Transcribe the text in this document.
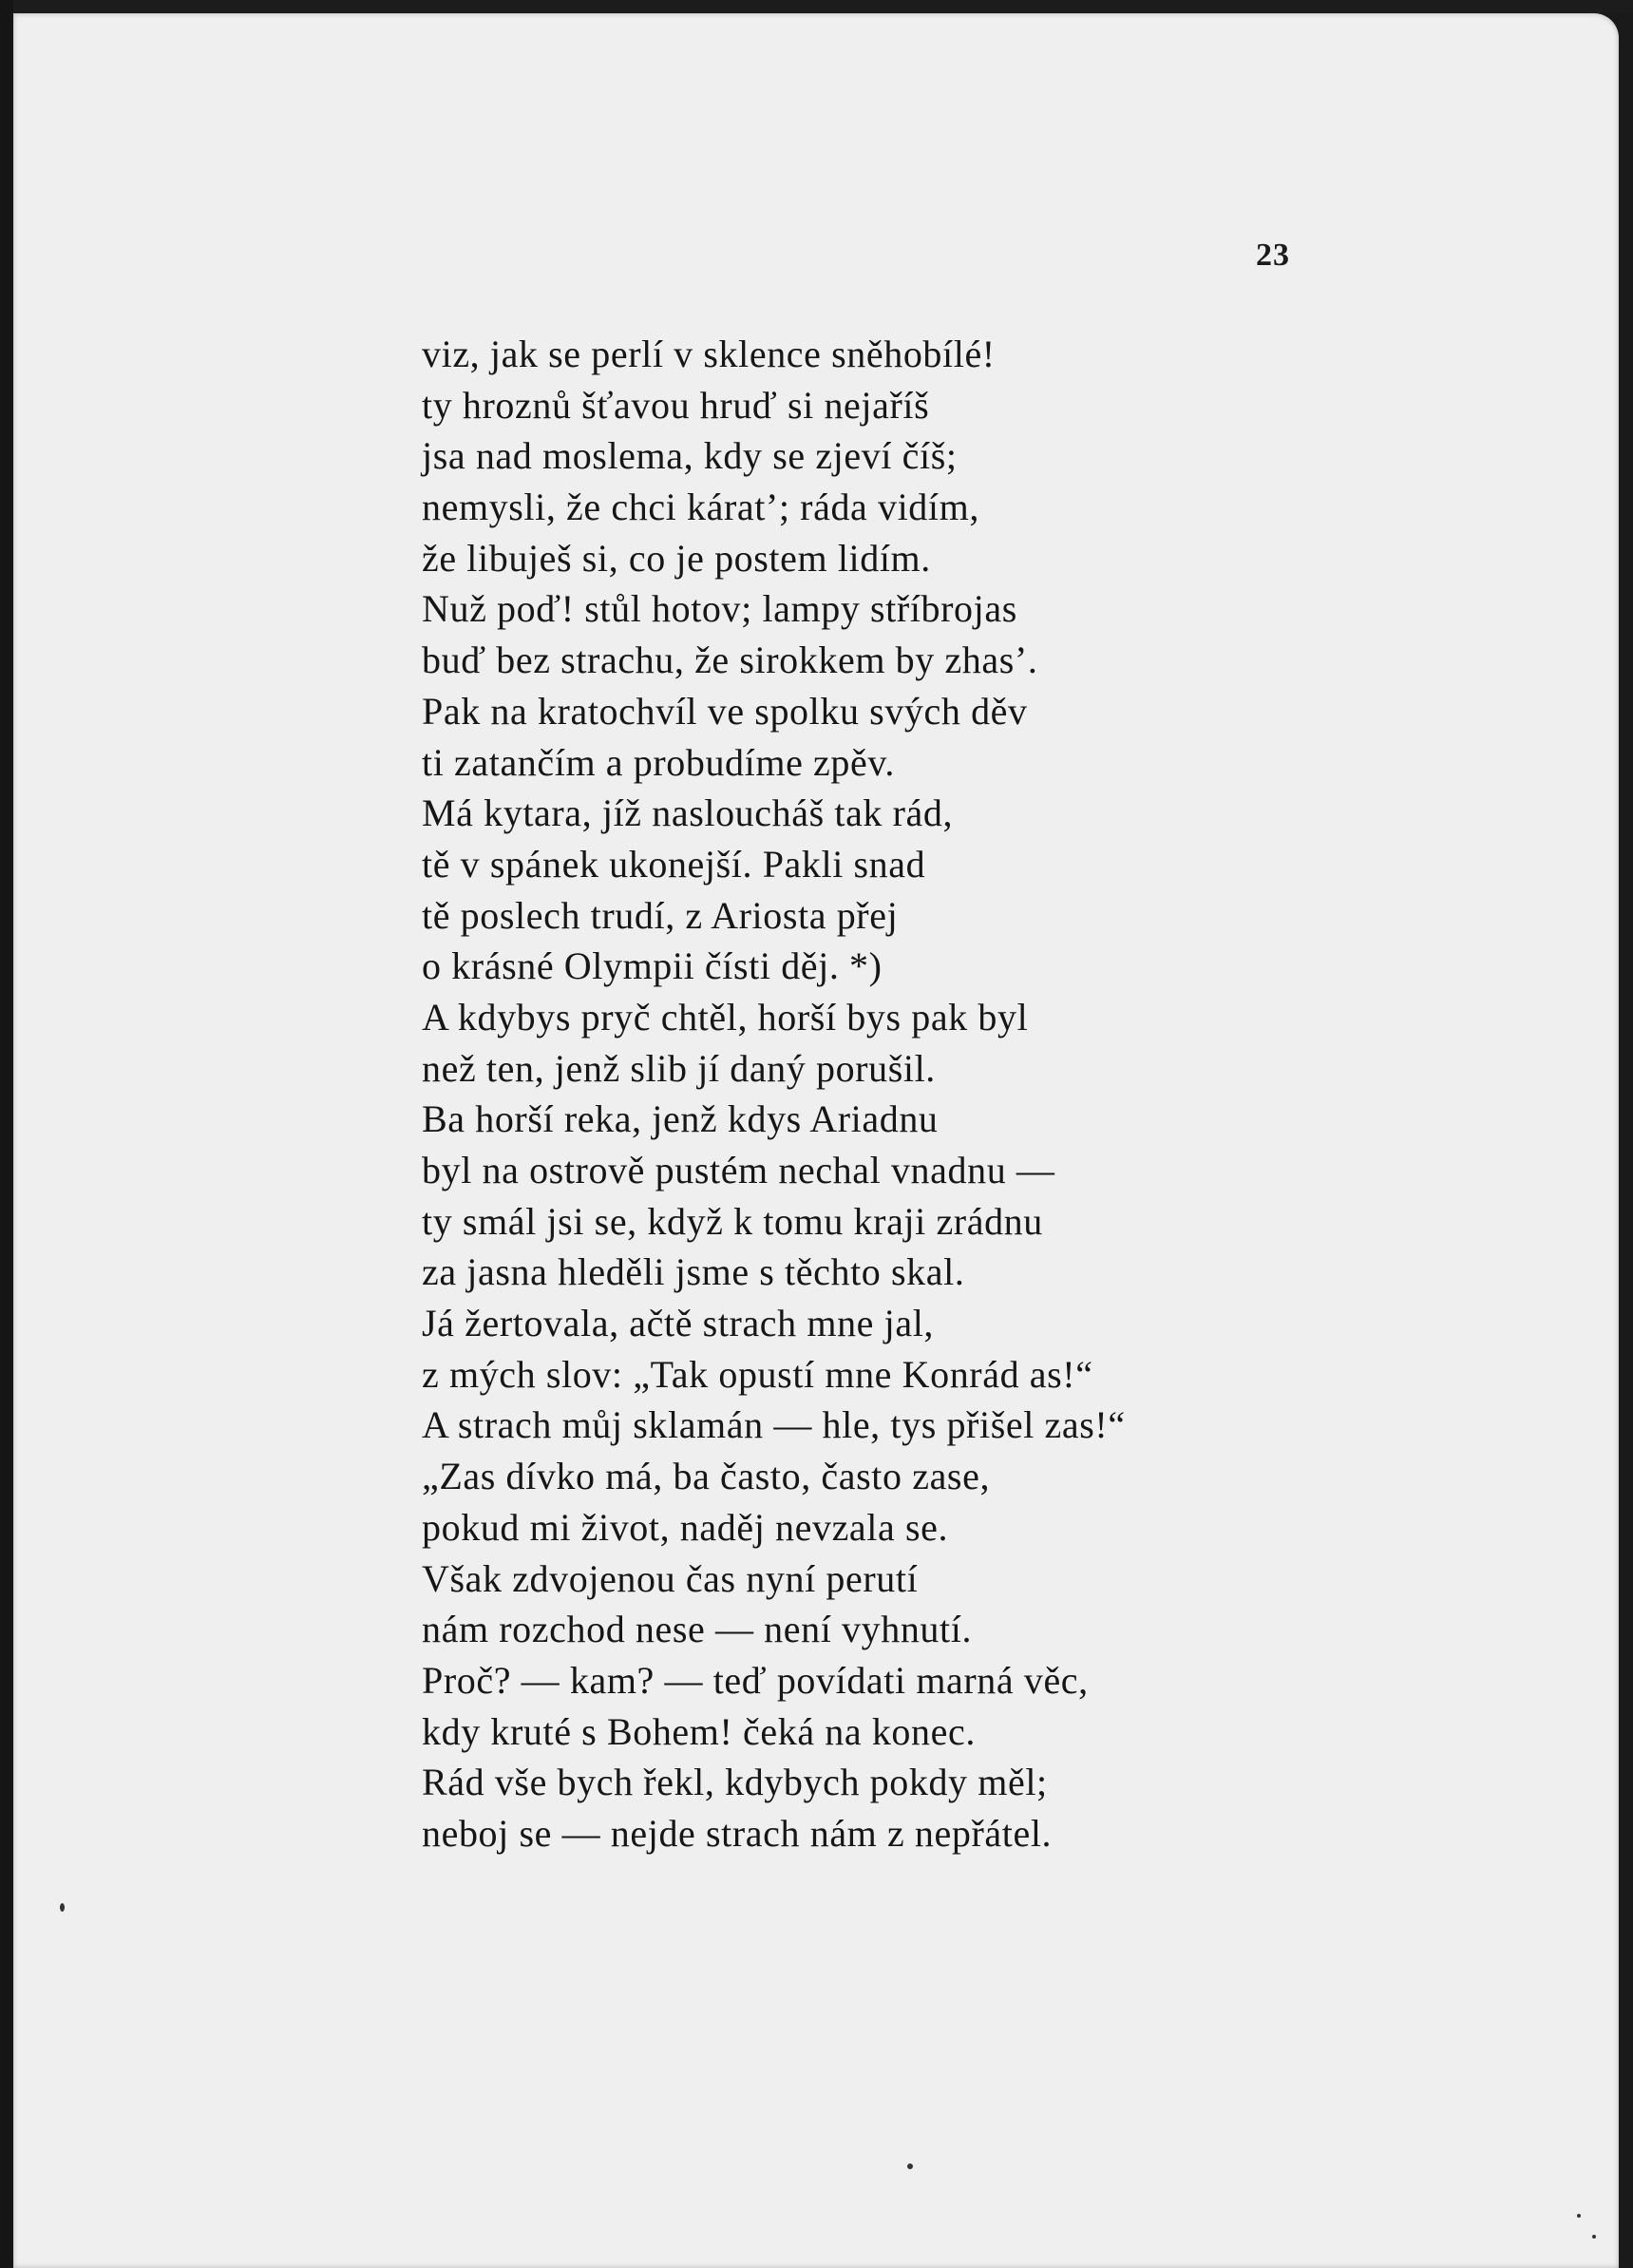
23
viz, jak se perlí v sklence sněhobílé!
ty hroznů šťavou hruď si nejaříš
jsa nad moslema, kdy se zjeví číš;
nemysli, že chci kárat’; ráda vidím,
že libuješ si, co je postem lidím.
Nuž poď! stůl hotov; lampy stříbrojas
buď bez strachu, že sirokkem by zhas’.
Pak na kratochvíl ve spolku svých děv
ti zatančím a probudíme zpěv.
Má kytara, jíž nasloucháš tak rád,
tě v spánek ukonejší. Pakli snad
tě poslech trudí, z Ariosta přej
o krásné Olympii čísti děj. *)
A kdybys pryč chtěl, horší bys pak byl
než ten, jenž slib jí daný porušil.
Ba horší reka, jenž kdys Ariadnu
byl na ostrově pustém nechal vnadnu —
ty smál jsi se, když k tomu kraji zrádnu
za jasna hleděli jsme s těchto skal.
Já žertovala, ačtě strach mne jal,
z mých slov: „Tak opustí mne Konrád as!“
A strach můj sklamán — hle, tys přišel zas!“
„Zas dívko má, ba často, často zase,
pokud mi život, naděj nevzala se.
Však zdvojenou čas nyní perutí
nám rozchod nese — není vyhnutí.
Proč? — kam? — teď povídati marná věc,
kdy kruté s Bohem! čeká na konec.
Rád vše bych řekl, kdybych pokdy měl;
neboj se — nejde strach nám z nepřátel.
